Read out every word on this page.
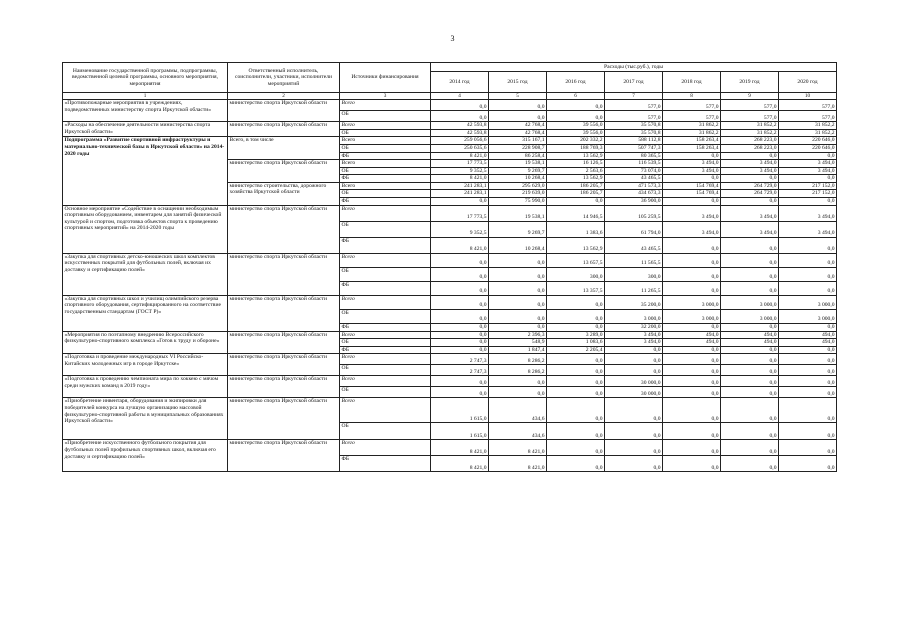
3
Наименование государственной программы, подпрограммы, ведомственной целевой программы, основного мероприятия, мероприятия	Ответственный исполнитель, соисполнители, участники, исполнители мероприятий	Источники финансирования	Расходы (тыс.руб.), годы						
			2014 год	2015 год	2016 год	2017 год	2018 год	2019 год	2020 год
1	2	3	4	5	6	7	8	9	10
«Противопожарные мероприятия в учреждениях, подведомственных министерству спорта Иркутской области»	министерство спорта Иркутской области	Всего	0,0	0,0	0,0	577,0	577,0	577,0	577,0
		ОБ	0,0	0,0	0,0	577,0	577,0	577,0	577,0
«Расходы на обеспечение деятельности министерства спорта Иркутской области»	министерство спорта Иркутской области	Всего	42 593,8	42 768,4	39 556,0	35 570,8	31 862,2	31 852,2	31 852,2
		ОБ	42 593,8	42 768,4	39 556,0	35 570,8	31 862,2	31 852,2	31 852,2
Подпрограмма «Развитие спортивной инфраструктуры и материально-технической базы в Иркутской области» на 2014-2020 годы	Всего, в том числе	Всего	259 056,6	315 167,1	202 332,2	588 112,8	158 263,4	268 223,0	220 646,0
		ОБ	250 635,6	228 908,7	188 769,3	507 747,3	158 263,4	268 223,0	220 646,0
		ФБ	8 421,0	86 258,4	13 562,9	80 365,5	0,0	0,0	0,0
	министерство спорта Иркутской области	Всего	17 773,5	19 538,1	16 126,5	116 539,5	3 494,0	3 494,0	3 494,0
		ОБ	9 352,5	9 269,7	2 563,6	73 074,0	3 494,0	3 494,0	3 494,0
		ФБ	8 421,0	10 268,4	13 562,9	43 465,5	0,0	0,0	0,0
	министерство строительства, дорожного хозяйства Иркутской области	Всего	241 283,1	295 629,0	186 205,7	471 573,3	154 769,4	264 729,0	217 152,0
		ОБ	241 283,1	219 639,0	186 205,7	434 673,3	154 769,4	264 729,0	217 152,0
		ФБ	0,0	75 990,0	0,0	36 900,0	0,0	0,0	0,0
Основное мероприятие «Содействие в оснащении необходимым спортивным оборудованием, инвентарем для занятий физической культурой и спортом, подготовка объектов спорта к проведению спортивных мероприятий» на 2014-2020 годы	министерство спорта Иркутской области	Всего	17 773,5	19 538,1	14 946,5	105 259,5	3 494,0	3 494,0	3 494,0
		ОБ	9 352,5	9 269,7	1 383,6	61 794,0	3 494,0	3 494,0	3 494,0
		ФБ	8 421,0	10 268,4	13 562,9	43 465,5	0,0	0,0	0,0
«Закупка для спортивных детско-юношеских школ комплектов искусственных покрытий для футбольных полей, включая их доставку и сертификацию полей»	министерство спорта Иркутской области	Всего	0,0	0,0	13 657,5	11 565,5	0,0	0,0	0,0
		ОБ	0,0	0,0	300,0	300,0	0,0	0,0	0,0
		ФБ	0,0	0,0	13 357,5	11 265,5	0,0	0,0	0,0
«Закупка для спортивных школ и училищ олимпийского резерва спортивного оборудования, сертифицированного на соответствие государственным стандартам (ГОСТ Р)»	министерство спорта Иркутской области	Всего	0,0	0,0	0,0	35 200,0	3 000,0	3 000,0	3 000,0
		ОБ	0,0	0,0	0,0	3 000,0	3 000,0	3 000,0	3 000,0
		ФБ	0,0	0,0	0,0	32 200,0	0,0	0,0	0,0
«Мероприятия по поэтапному внедрению Всероссийского физкультурно-спортивного комплекса «Готов к труду и обороне»	министерство спорта Иркутской области	Всего	0,0	2 396,3	3 289,0	3 494,0	494,0	494,0	494,0
		ОБ	0,0	548,9	1 083,6	3 494,0	494,0	494,0	494,0
		ФБ	0,0	1 847,4	2 205,4	0,0	0,0	0,0	0,0
«Подготовка и проведение международных VI Российско-Китайских молодежных игр в городе Иркутске»	министерство спорта Иркутской области	Всего	2 747,3	8 286,2	0,0	0,0	0,0	0,0	0,0
		ОБ	2 747,3	8 286,2	0,0	0,0	0,0	0,0	0,0
«Подготовка к проведению чемпионата мира по хоккею с мячом среди мужских команд в 2019 году»	министерство спорта Иркутской области	Всего	0,0	0,0	0,0	30 000,0	0,0	0,0	0,0
		ОБ	0,0	0,0	0,0	30 000,0	0,0	0,0	0,0
«Приобретение инвентаря, оборудования и экипировки для победителей конкурса на лучшую организацию массовой физкультурно-спортивной работы в муниципальных образованиях Иркутской области»	министерство спорта Иркутской области	Всего	1 615,0	434,6	0,0	0,0	0,0	0,0	0,0
		ОБ	1 615,0	434,6	0,0	0,0	0,0	0,0	0,0
«Приобретение искусственного футбольного покрытия для футбольных полей профильных спортивных школ, включая его доставку и сертификацию полей»	министерство спорта Иркутской области	Всего	8 421,0	8 421,0	0,0	0,0	0,0	0,0	0,0
		ФБ	8 421,0	8 421,0	0,0	0,0	0,0	0,0	0,0
